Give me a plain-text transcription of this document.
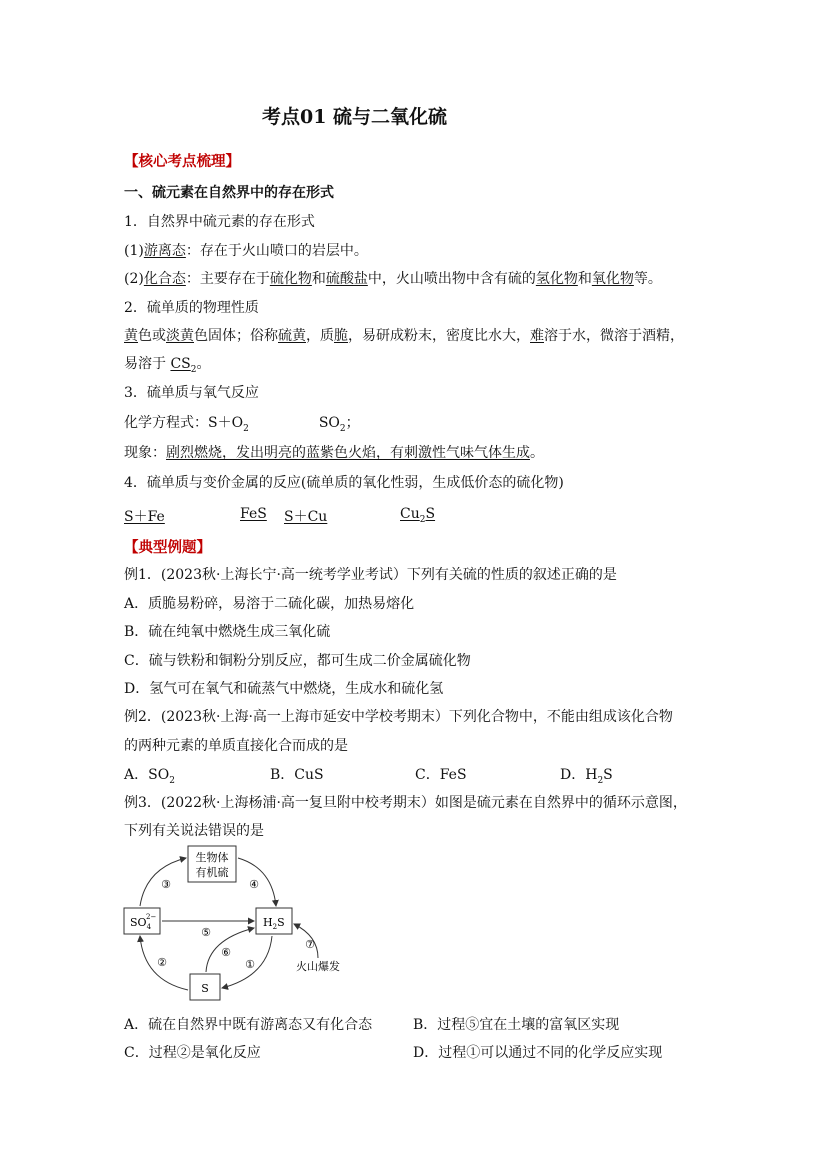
考点01 硫与二氧化硫
【核心考点梳理】
一、硫元素在自然界中的存在形式
1．自然界中硫元素的存在形式
(1)游离态：存在于火山喷口的岩层中。
(2)化合态：主要存在于硫化物和硫酸盐中，火山喷出物中含有硫的氢化物和氧化物等。
2．硫单质的物理性质
黄色或淡黄色固体；俗称硫黄，质脆，易研成粉末，密度比水大，难溶于水，微溶于酒精，
易溶于 $CS_2$。
3．硫单质与氧气反应
化学方程式：$S+O_2$	$SO_2$；
现象：剧烈燃烧，发出明亮的蓝紫色火焰，有刺激性气味气体生成。
4．硫单质与变价金属的反应(硫单质的氧化性弱，生成低价态的硫化物)
S＋Fe	FeS S＋Cu	$Cu_2S$
【典型例题】
例1．(2023秋·上海长宁·高一统考学业考试）下列有关硫的性质的叙述正确的是
A．质脆易粉碎，易溶于二硫化碳，加热易熔化
B．硫在纯氧中燃烧生成三氧化硫
C．硫与铁粉和铜粉分别反应，都可生成二价金属硫化物
D．氢气可在氧气和硫蒸气中燃烧，生成水和硫化氢
例2．(2023秋·上海·高一上海市延安中学校考期末）下列化合物中，不能由组成该化合物
的两种元素的单质直接化合而成的是
A．$SO_2$	B．CuS	C．FeS	D．$H_2S$
例3．(2022秋·上海杨浦·高一复旦附中校考期末）如图是硫元素在自然界中的循环示意图，
下列有关说法错误的是
生物体
有机硫
$SO_42-$	$H_2S$
S
③	④
⑤
⑥
①
②
⑦
火山爆发
A．硫在自然界中既有游离态又有化合态	B．过程⑤宜在土壤的富氧区实现
C．过程②是氧化反应	D．过程①可以通过不同的化学反应实现
